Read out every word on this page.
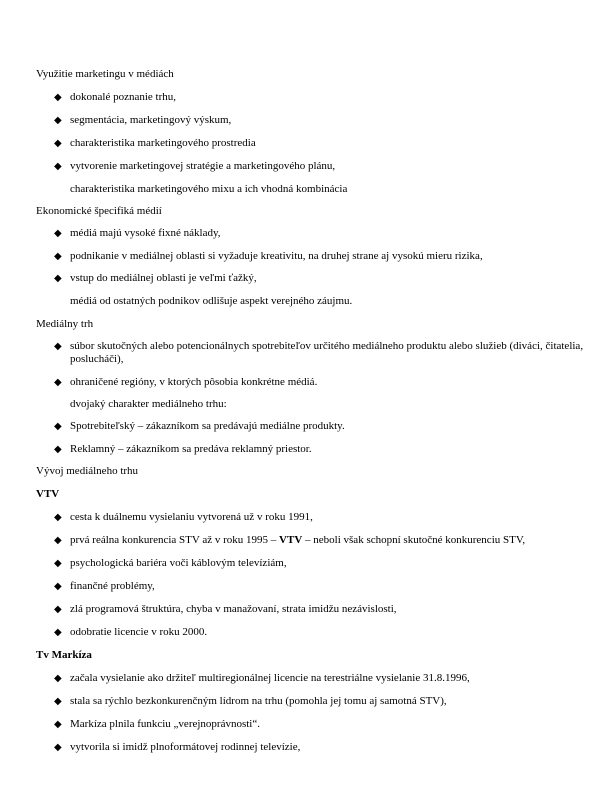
Využitie marketingu v médiách
◆ dokonalé poznanie trhu,
◆ segmentácia, marketingový výskum,
◆ charakteristika marketingového prostredia
◆ vytvorenie marketingovej stratégie a marketingového plánu,
charakteristika marketingového mixu a ich vhodná kombinácia
Ekonomické špecifiká médií
◆ médiá majú vysoké fixné náklady,
◆ podnikanie v mediálnej oblasti si vyžaduje kreativitu, na druhej strane aj vysokú mieru rizika,
◆ vstup do mediálnej oblasti je veľmi ťažký,
médiá od ostatných podnikov odlišuje aspekt verejného záujmu.
Mediálny trh
◆ súbor skutočných alebo potencionálnych spotrebiteľov určitého mediálneho produktu alebo služieb (diváci, čitatelia, poslucháči),
◆ ohraničené regióny, v ktorých pôsobia konkrétne médiá.
dvojaký charakter mediálneho trhu:
◆ Spotrebiteľský – zákazníkom sa predávajú mediálne produkty.
◆ Reklamný – zákazníkom sa predáva reklamný priestor.
Vývoj mediálneho trhu
VTV
◆ cesta k duálnemu vysielaniu vytvorená už v roku 1991,
◆ prvá reálna konkurencia STV až v roku 1995 – VTV – neboli však schopní skutočné konkurenciu STV,
◆ psychologická bariéra voči káblovým televíziám,
◆ finančné problémy,
◆ zlá programová štruktúra, chyba v manažovaní, strata imidžu nezávislosti,
◆ odobratie licencie v roku 2000.
Tv Markíza
◆ začala vysielanie ako držiteľ multiregionálnej licencie na terestriálne vysielanie 31.8.1996,
◆ stala sa rýchlo bezkonkurenčným lídrom na trhu (pomohla jej tomu aj samotná STV),
◆ Markíza plnila funkciu „verejnoprávnosti“.
◆ vytvorila si imidž plnoformátovej rodinnej televízie,
